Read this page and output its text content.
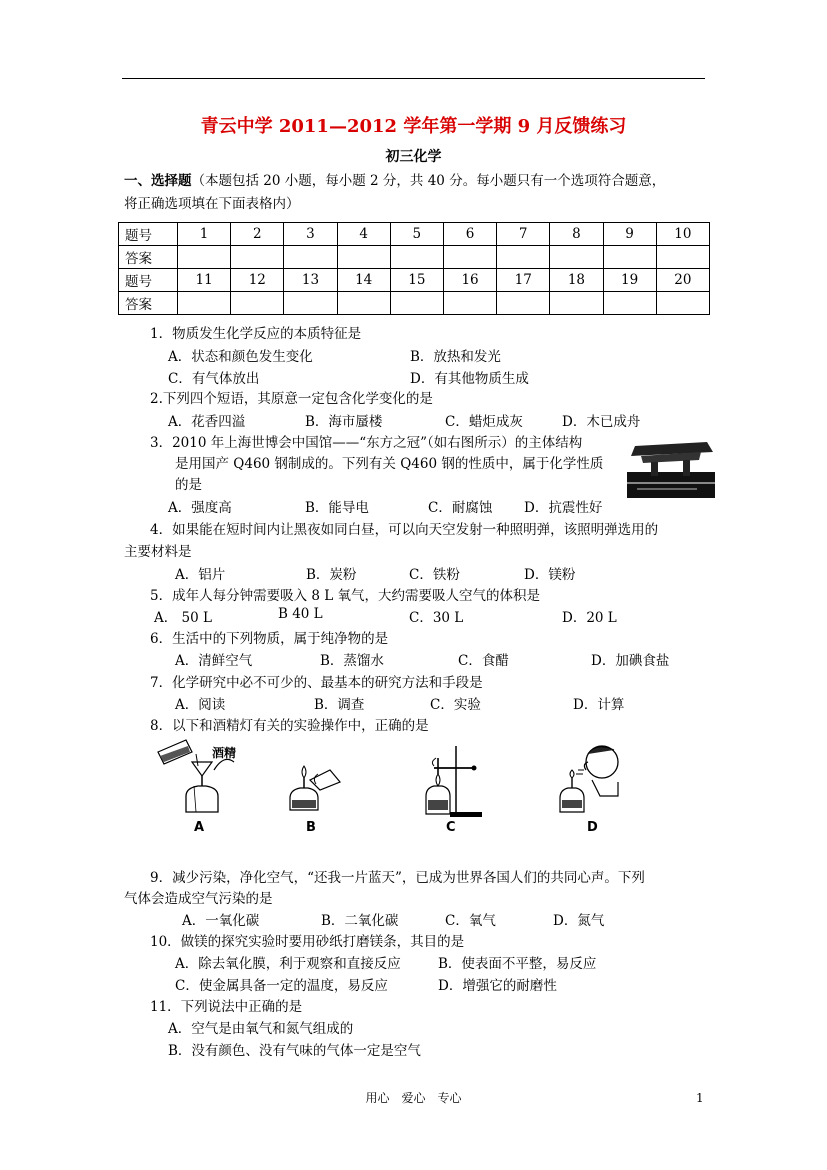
青云中学 2011—2012 学年第一学期 9 月反馈练习
初三化学
一、选择题（本题包括 20 小题，每小题 2 分，共 40 分。每小题只有一个选项符合题意，
将正确选项填在下面表格内）
题号	1	2	3	4	5	6	7	8	9	10
答案										
题号	11	12	13	14	15	16	17	18	19	20
答案										
1．物质发生化学反应的本质特征是
A．状态和颜色发生变化	B．放热和发光
C．有气体放出	D．有其他物质生成
2.下列四个短语，其原意一定包含化学变化的是
A．花香四溢	B．海市蜃楼	C．蜡炬成灰	D．木已成舟
3．2010 年上海世博会中国馆——“东方之冠”（如右图所示）的主体结构
是用国产 Q460 钢制成的。下列有关 Q460 钢的性质中，属于化学性质
的是
A．强度高	B．能导电	C．耐腐蚀 D．抗震性好
4．如果能在短时间内让黑夜如同白昼，可以向天空发射一种照明弹，该照明弹选用的
主要材料是
A．铝片	B．炭粉	C．铁粉	D．镁粉
5．成年人每分钟需要吸入 8 L 氧气，大约需要吸人空气的体积是
A． 50 L	B 40 L	C．30 L	D．20 L
6．生活中的下列物质，属于纯净物的是
A．清鲜空气	B．蒸馏水	C．食醋	D．加碘食盐
7．化学研究中必不可少的、最基本的研究方法和手段是
A．阅读	B．调查	C．实验	D．计算
8．以下和酒精灯有关的实验操作中，正确的是
酒精
A	B	C	D
9．减少污染，净化空气，“还我一片蓝天”，已成为世界各国人们的共同心声。下列
气体会造成空气污染的是
A．一氧化碳	B．二氧化碳	C．氧气	D．氮气
10．做镁的探究实验时要用砂纸打磨镁条，其目的是
A．除去氧化膜，利于观察和直接反应	B．使表面不平整，易反应
C．使金属具备一定的温度，易反应	D．增强它的耐磨性
11．下列说法中正确的是
A．空气是由氧气和氮气组成的
B．没有颜色、没有气味的气体一定是空气
用心　爱心　专心	1
